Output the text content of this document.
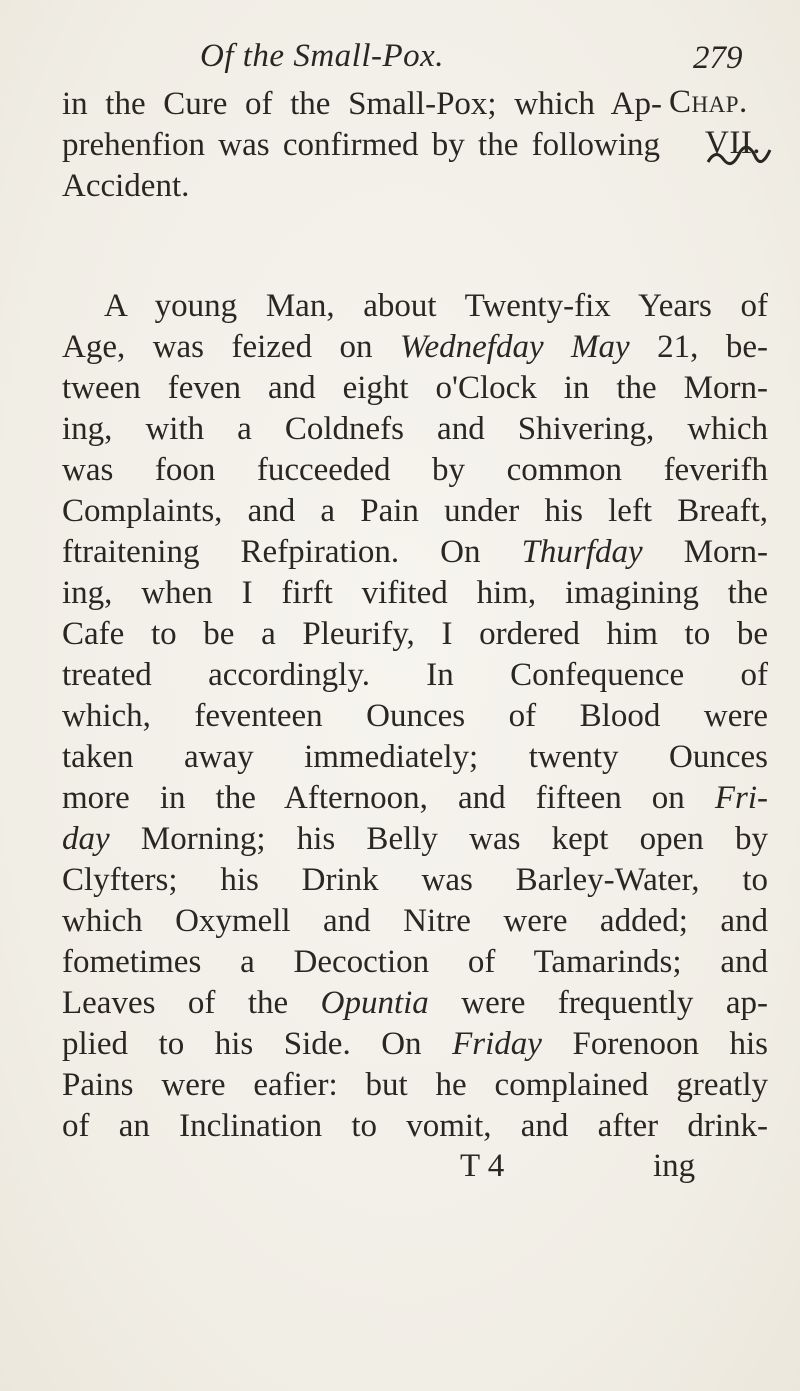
Of the Small-Pox.	279
in the Cure of the Small-Pox; which Ap- Chap.
prehenfion was confirmed by the following VII.
Accident.
A young Man, about Twenty-fix Years of
Age, was feized on Wednefday May 21, be-
tween feven and eight o'Clock in the Morn-
ing, with a Coldnefs and Shivering, which
was foon fucceeded by common feverifh
Complaints, and a Pain under his left Breaft,
ftraitening Refpiration. On Thurfday Morn-
ing, when I firft vifited him, imagining the
Cafe to be a Pleurify, I ordered him to be
treated accordingly. In Confequence of
which, feventeen Ounces of Blood were
taken away immediately; twenty Ounces
more in the Afternoon, and fifteen on Fri-
day Morning; his Belly was kept open by
Clyfters; his Drink was Barley-Water, to
which Oxymell and Nitre were added; and
fometimes a Decoction of Tamarinds; and
Leaves of the Opuntia were frequently ap-
plied to his Side. On Friday Forenoon his
Pains were eafier: but he complained greatly
of an Inclination to vomit, and after drink-
T 4	ing
